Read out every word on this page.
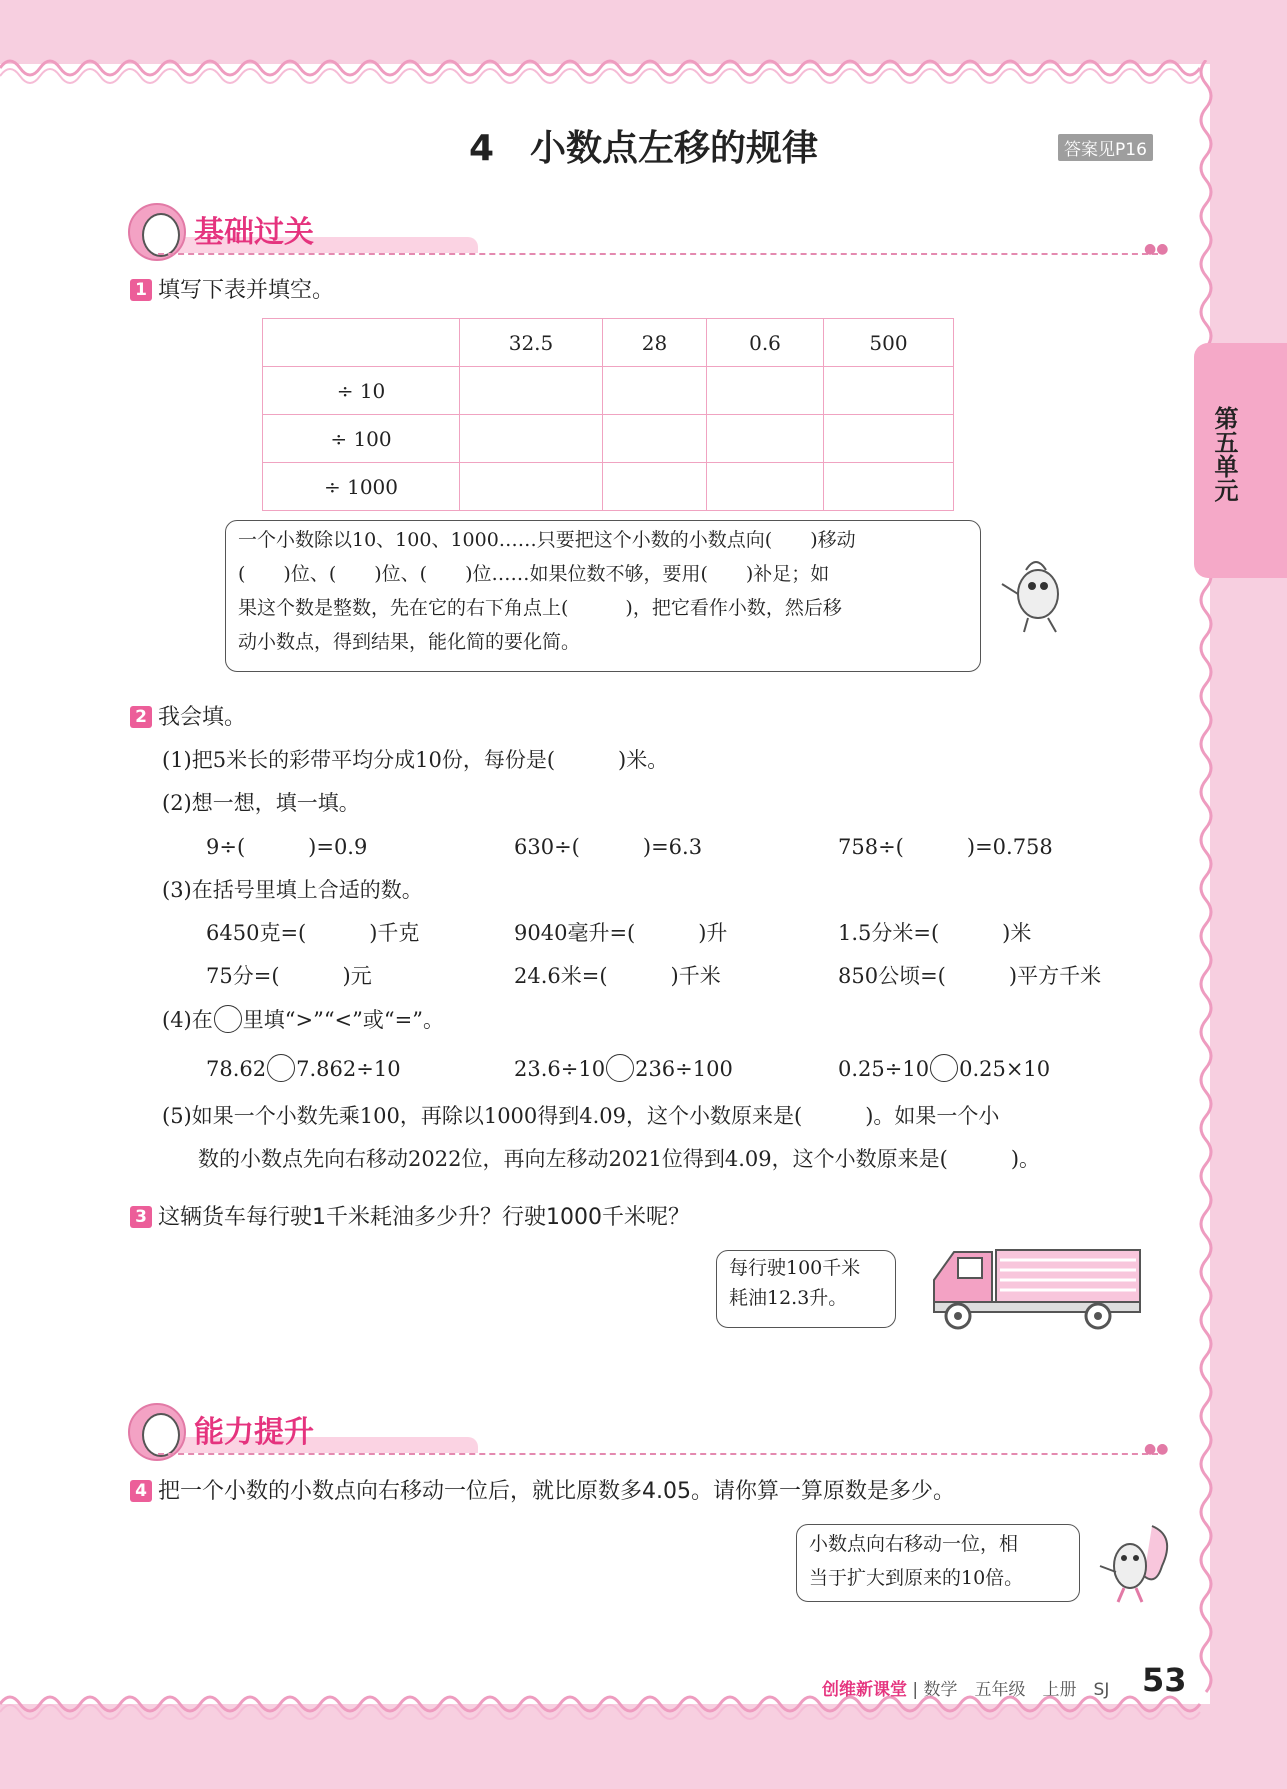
第五单元
4　小数点左移的规律	答案见P16
基础过关	●●
1 填写下表并填空。
	32.5	28	0.6	500
÷ 10				
÷ 100				
÷ 1000				
一个小数除以10、100、1000……只要把这个小数的小数点向(　　)移动
(　　)位、(　　)位、(　　)位……如果位数不够，要用(　　)补足；如
果这个数是整数，先在它的右下角点上(　　　)，把它看作小数，然后移
动小数点，得到结果，能化简的要化简。
2 我会填。
(1)把5米长的彩带平均分成10份，每份是(　　　)米。
(2)想一想，填一填。
9÷(　　　)=0.9	630÷(　　　)=6.3	758÷(　　　)=0.758
(3)在括号里填上合适的数。
6450克=(　　　)千克	9040毫升=(　　　)升	1.5分米=(　　　)米
75分=(　　　)元	24.6米=(　　　)千米	850公顷=(　　　)平方千米
(4)在 里填“>”“<”或“=”。
78.62 7.862÷10	23.6÷10 236÷100	0.25÷10 0.25×10
(5)如果一个小数先乘100，再除以1000得到4.09，这个小数原来是(　　　)。如果一个小
数的小数点先向右移动2022位，再向左移动2021位得到4.09，这个小数原来是(　　　)。
3 这辆货车每行驶1千米耗油多少升？行驶1000千米呢？
每行驶100千米
耗油12.3升。
能力提升	●●
4 把一个小数的小数点向右移动一位后，就比原数多4.05。请你算一算原数是多少。
小数点向右移动一位，相
当于扩大到原来的10倍。
创维新课堂 | 数学　五年级　上册　SJ 53
